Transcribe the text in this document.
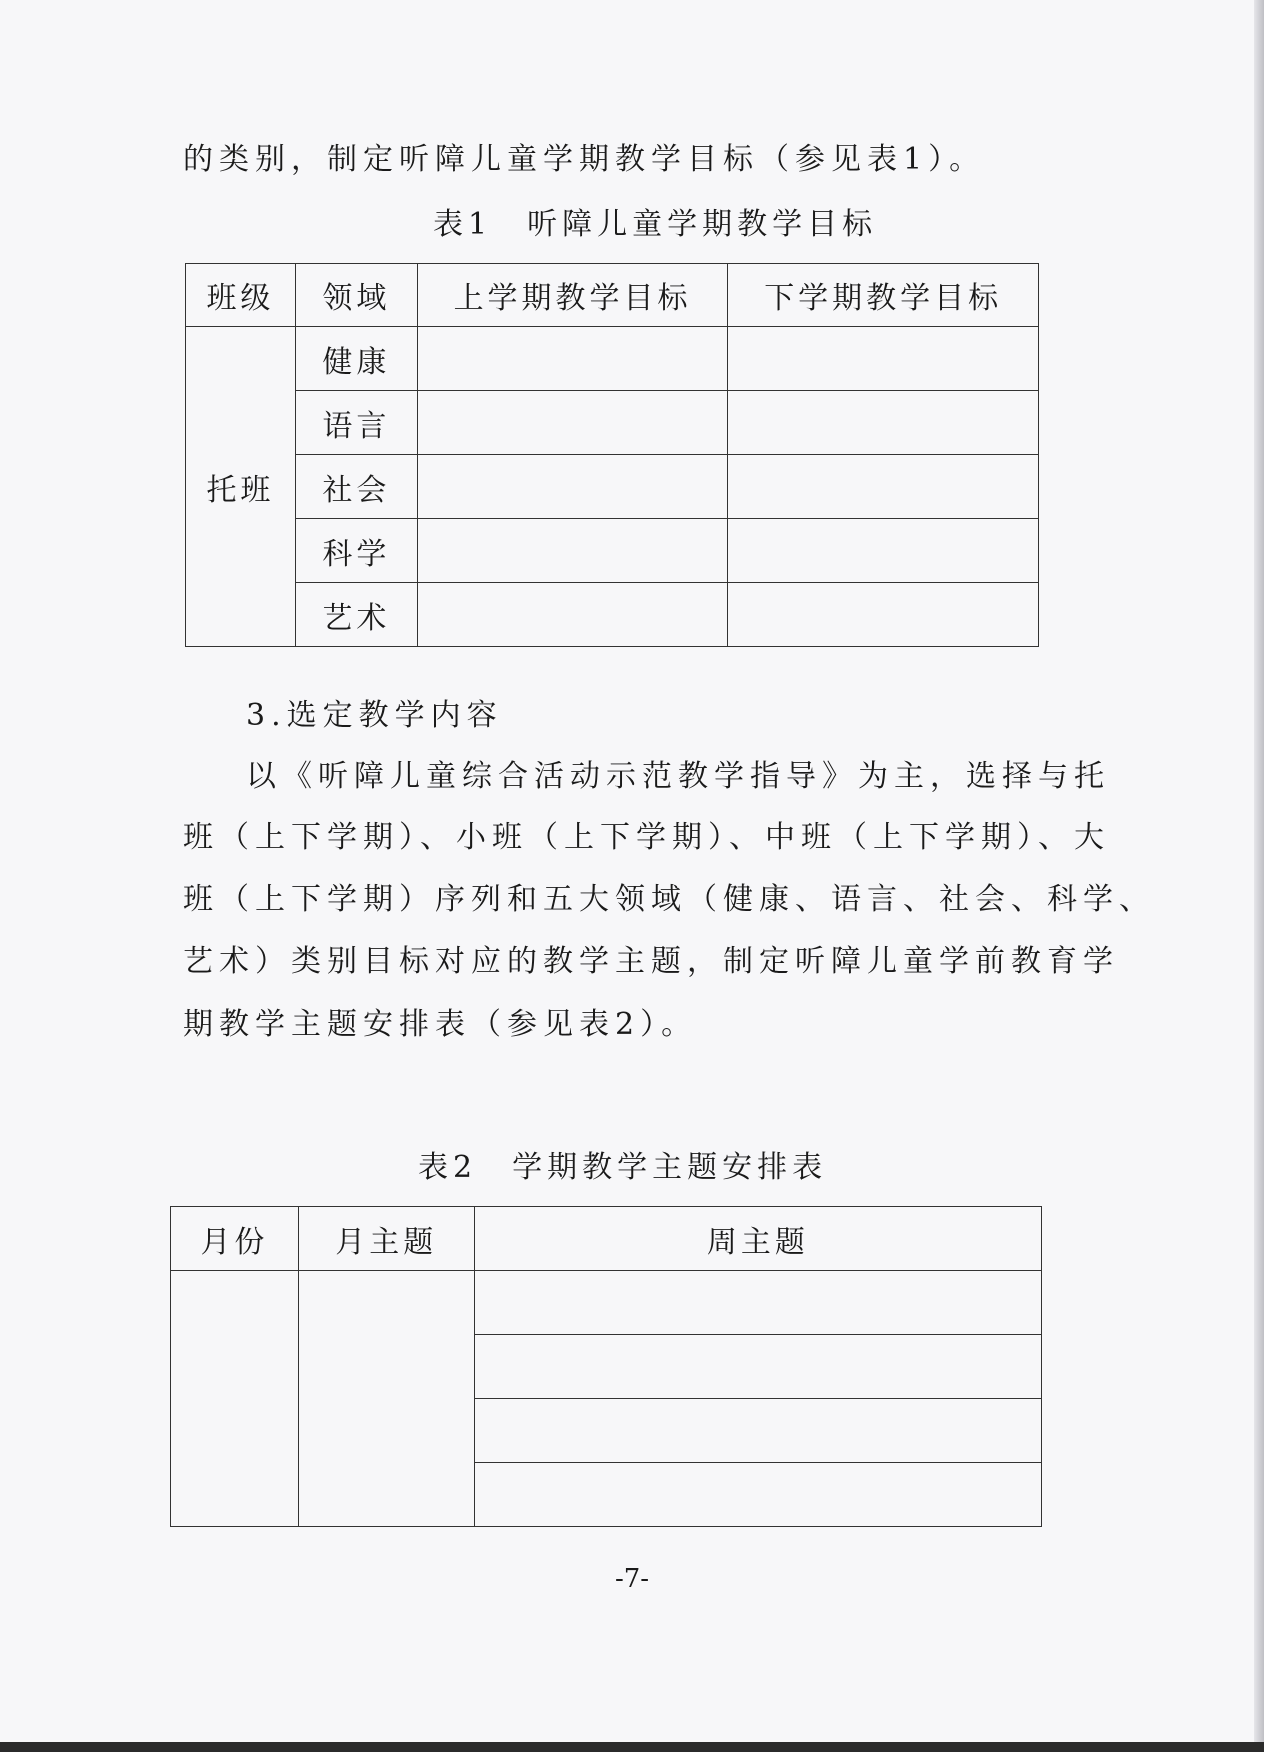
的类别，制定听障儿童学期教学目标（参见表1）。
表1　听障儿童学期教学目标
班级	领域	上学期教学目标	下学期教学目标
托班	健康		
	语言		
	社会		
	科学		
	艺术		
3.选定教学内容
以《听障儿童综合活动示范教学指导》为主，选择与托
班（上下学期）、小班（上下学期）、中班（上下学期）、大
班（上下学期）序列和五大领域（健康、语言、社会、科学、
艺术）类别目标对应的教学主题，制定听障儿童学前教育学
期教学主题安排表（参见表2）。
表2　学期教学主题安排表
月份	月主题	周主题

-7-
